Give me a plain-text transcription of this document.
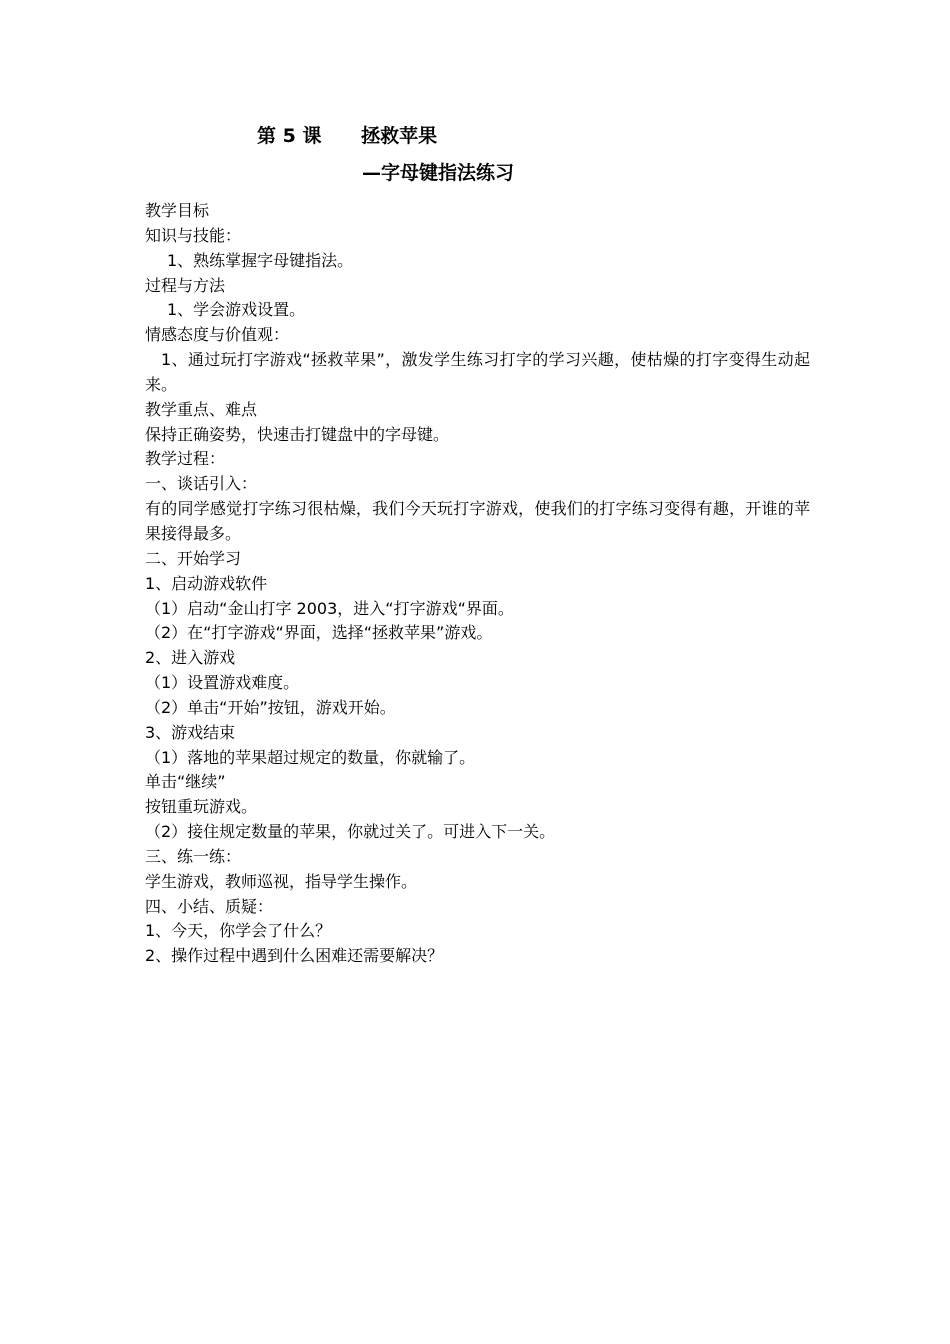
第 5 课      拯救苹果
—字母键指法练习
教学目标
知识与技能：
1、熟练掌握字母键指法。
过程与方法
1、学会游戏设置。
情感态度与价值观：
1、通过玩打字游戏“拯救苹果”，激发学生练习打字的学习兴趣，使枯燥的打字变得生动起来。
教学重点、难点
保持正确姿势，快速击打键盘中的字母键。
教学过程：
一、谈话引入：
有的同学感觉打字练习很枯燥，我们今天玩打字游戏，使我们的打字练习变得有趣，开谁的苹果接得最多。
二、开始学习
1、启动游戏软件
（1）启动“金山打字 2003，进入“打字游戏“界面。
（2）在“打字游戏“界面，选择“拯救苹果”游戏。
2、进入游戏
（1）设置游戏难度。
（2）单击“开始”按钮，游戏开始。
3、游戏结束
（1）落地的苹果超过规定的数量，你就输了。
单击“继续”
按钮重玩游戏。
（2）接住规定数量的苹果，你就过关了。可进入下一关。
三、练一练：
学生游戏，教师巡视，指导学生操作。
四、小结、质疑：
1、今天，你学会了什么？
2、操作过程中遇到什么困难还需要解决？
